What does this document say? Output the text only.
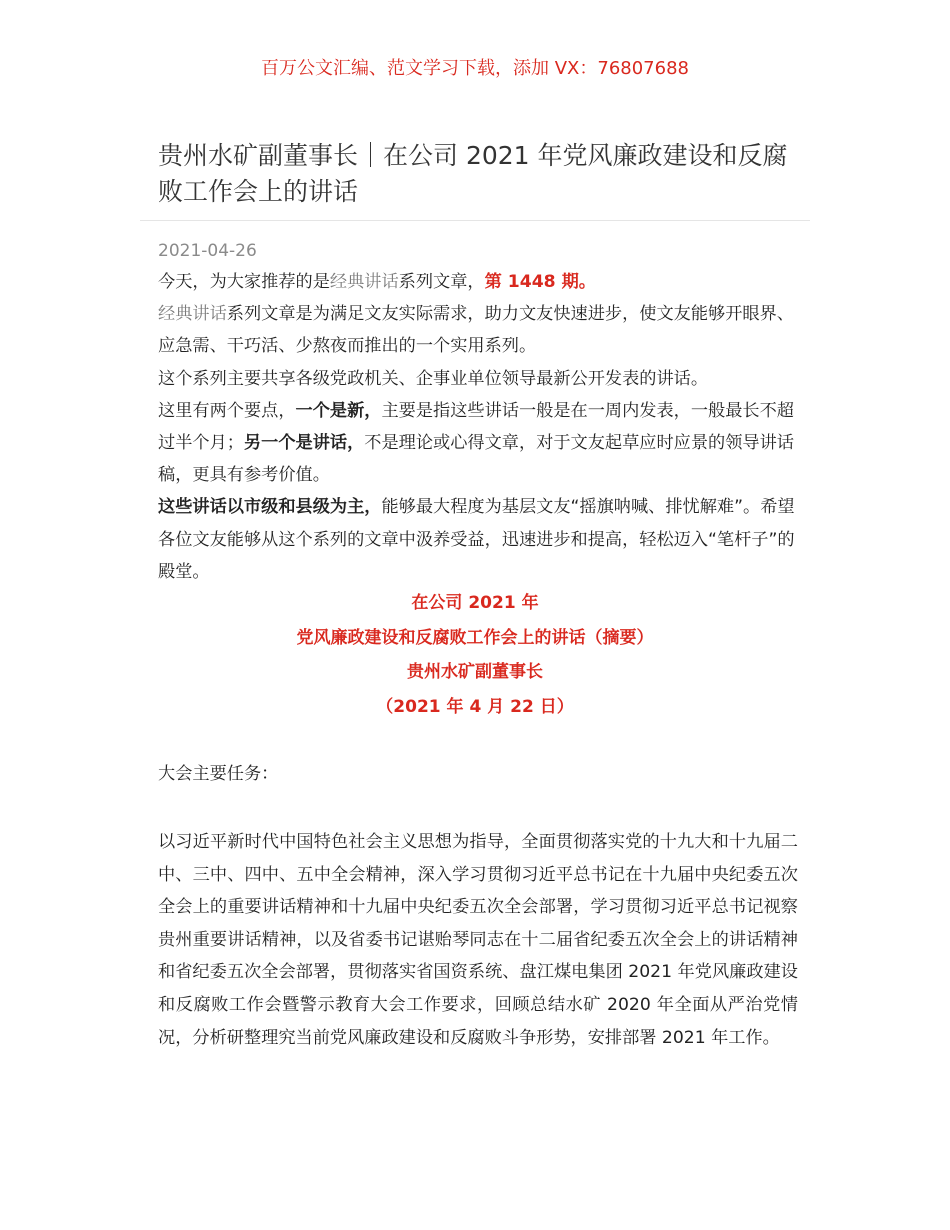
百万公文汇编、范文学习下载，添加 VX：76807688
贵州水矿副董事长｜在公司 2021 年党风廉政建设和反腐败工作会上的讲话
2021-04-26

今天，为大家推荐的是经典讲话系列文章，第 1448 期。

经典讲话系列文章是为满足文友实际需求，助力文友快速进步，使文友能够开眼界、应急需、干巧活、少熬夜而推出的一个实用系列。

这个系列主要共享各级党政机关、企事业单位领导最新公开发表的讲话。

这里有两个要点，一个是新，主要是指这些讲话一般是在一周内发表，一般最长不超过半个月；另一个是讲话，不是理论或心得文章，对于文友起草应时应景的领导讲话稿，更具有参考价值。

这些讲话以市级和县级为主，能够最大程度为基层文友“摇旗呐喊、排忧解难”。希望各位文友能够从这个系列的文章中汲养受益，迅速进步和提高，轻松迈入“笔杆子”的殿堂。

在公司 2021 年
党风廉政建设和反腐败工作会上的讲话（摘要）
贵州水矿副董事长
（2021 年 4 月 22 日）
大会主要任务：
以习近平新时代中国特色社会主义思想为指导，全面贯彻落实党的十九大和十九届二中、三中、四中、五中全会精神，深入学习贯彻习近平总书记在十九届中央纪委五次全会上的重要讲话精神和十九届中央纪委五次全会部署，学习贯彻习近平总书记视察贵州重要讲话精神，以及省委书记谌贻琴同志在十二届省纪委五次全会上的讲话精神和省纪委五次全会部署，贯彻落实省国资系统、盘江煤电集团 2021 年党风廉政建设和反腐败工作会暨警示教育大会工作要求，回顾总结水矿 2020 年全面从严治党情况，分析研整理究当前党风廉政建设和反腐败斗争形势，安排部署 2021 年工作。
